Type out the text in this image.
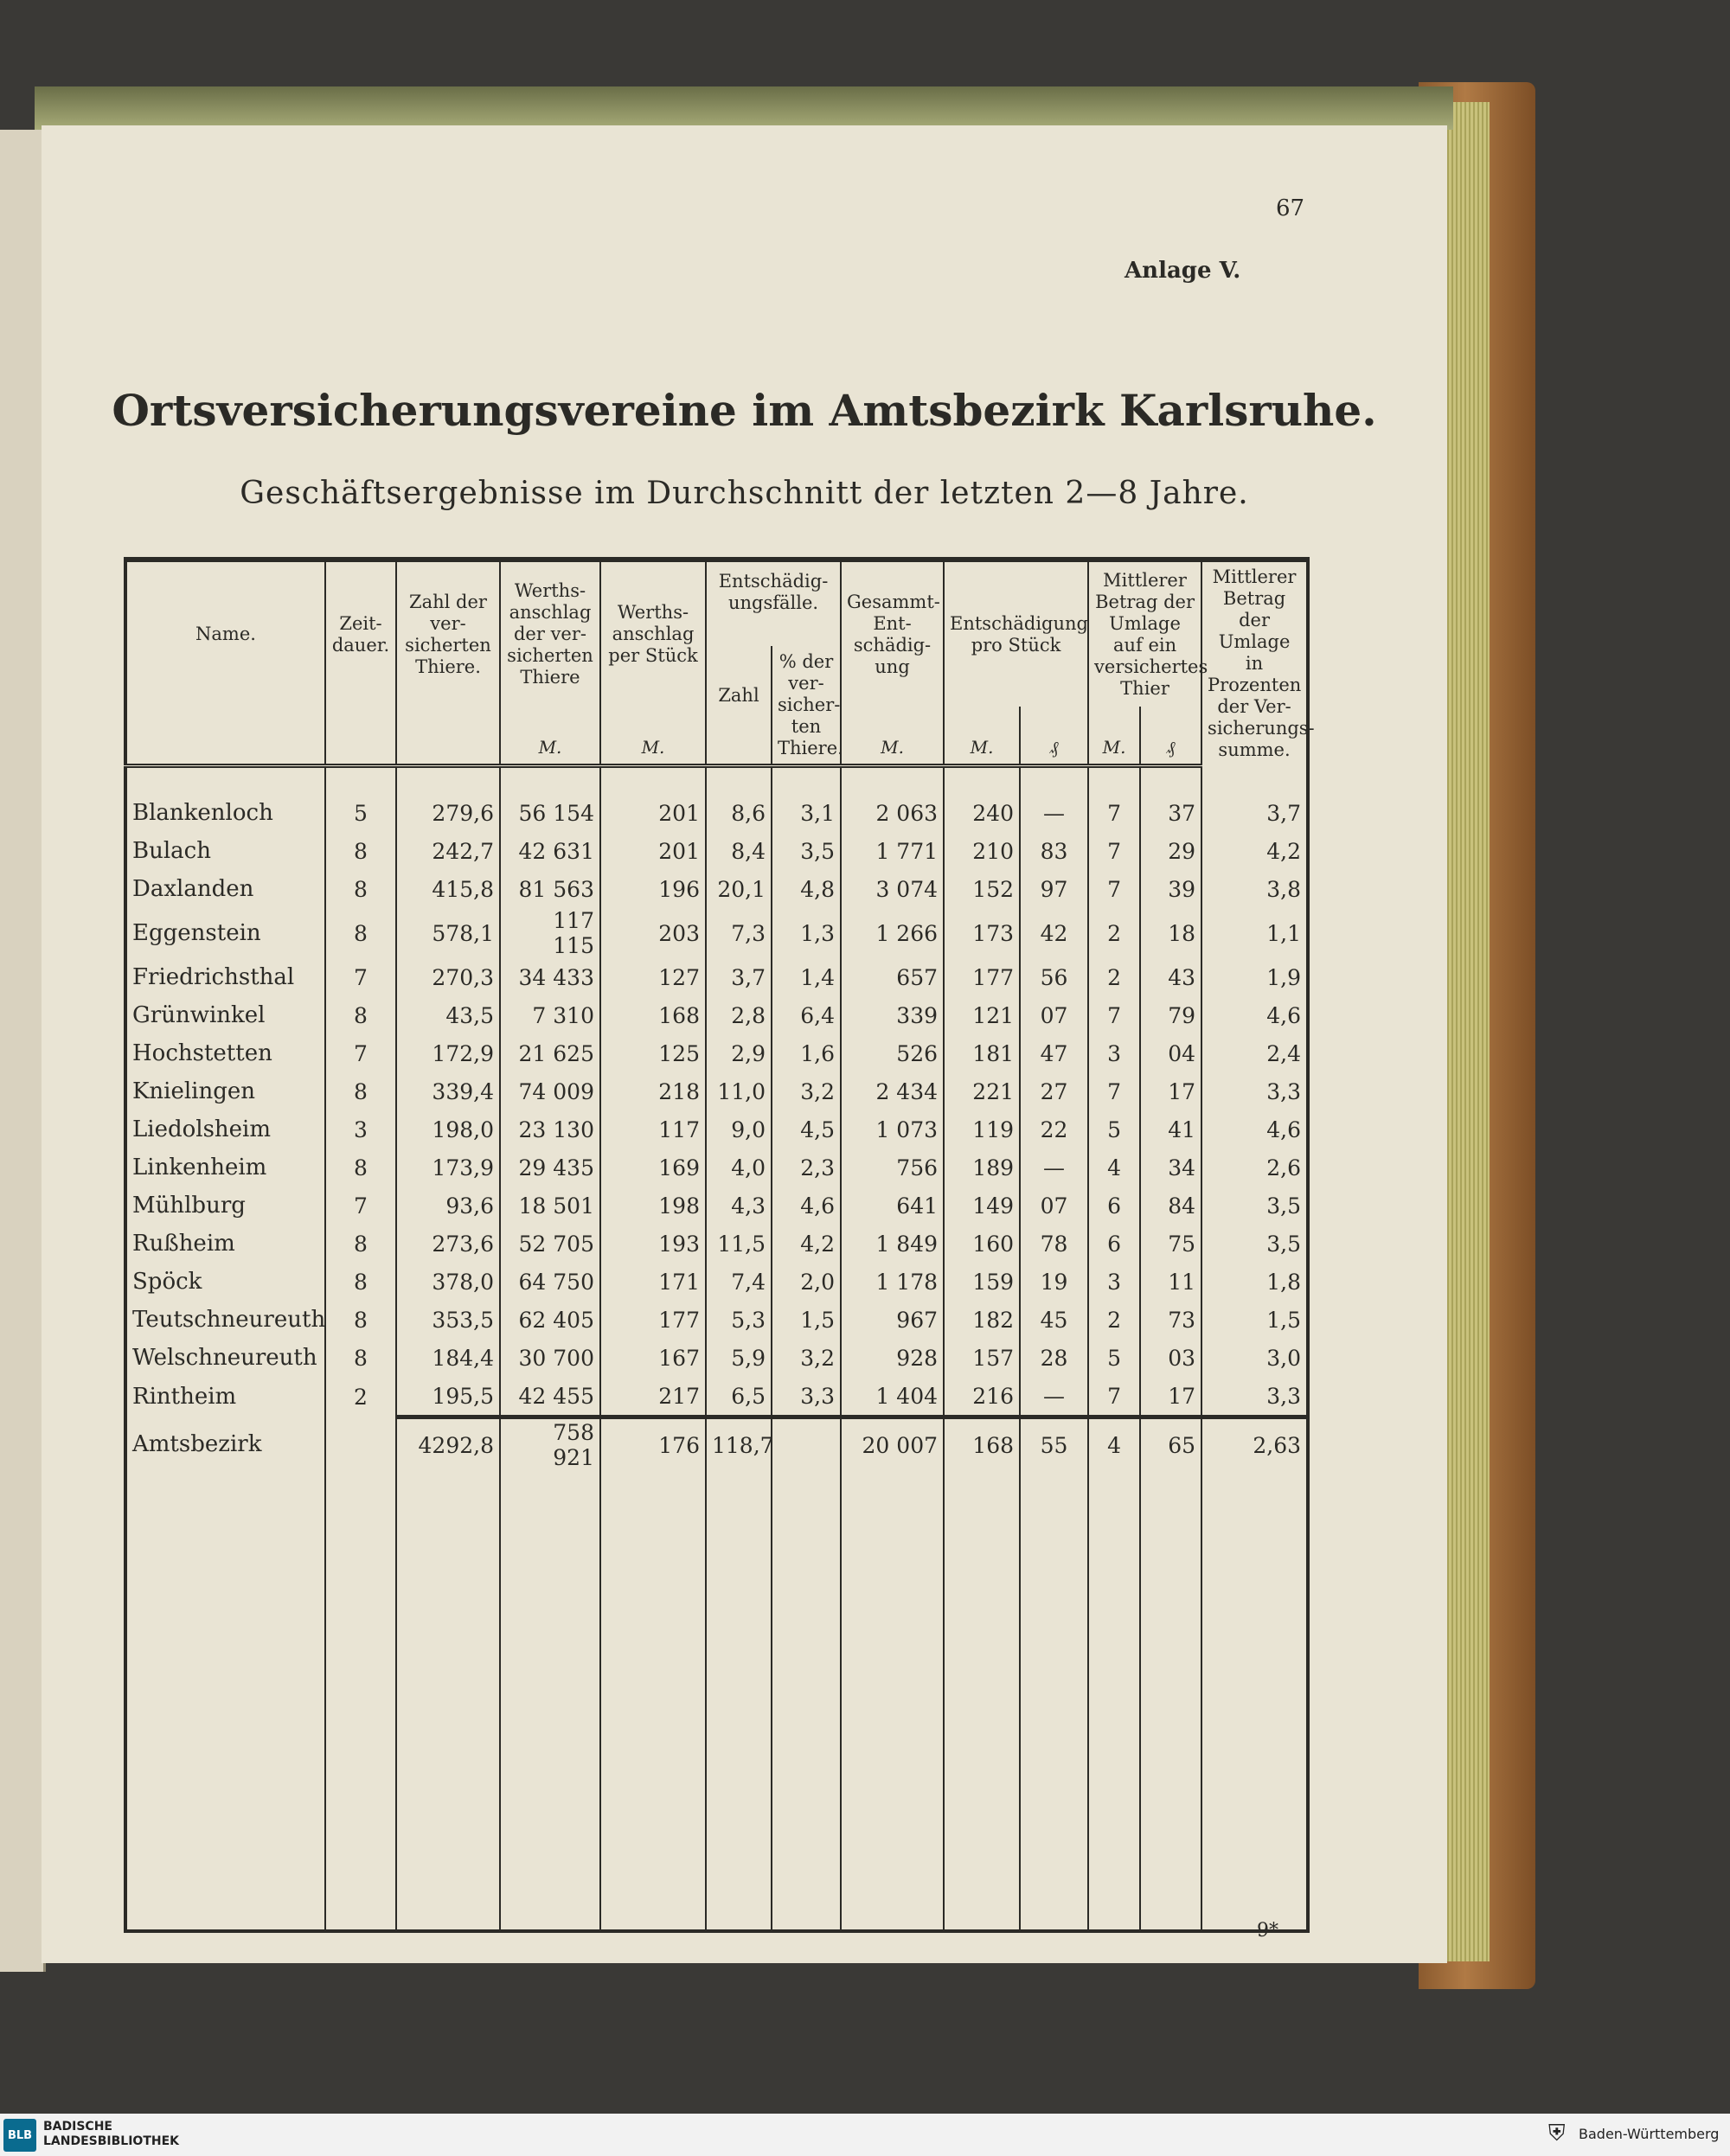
67
Anlage V.
Ortsversicherungsvereine im Amtsbezirk Karlsruhe.
Geschäftsergebnisse im Durchschnitt der letzten 2—8 Jahre.
Name.	Zeit-dauer.	Zahl der ver-sicherten Thiere.	Werths-anschlag der ver-sicherten Thiere	Werths-anschlag per Stück	Entschädig-ungsfälle.		Gesammt-Ent-schädig-ung	Entschädigung pro Stück		Mittlerer Betrag der Umlage auf ein versichertes Thier		Mittlerer Betrag der Umlage in Prozenten der Ver-sicherungs-summe.
					Zahl	% der ver-sicher-ten Thiere.						
			M.	M.			M.	M.	₰	M.	₰	

Blankenloch	5	279,6	56 154	201	8,6	3,1	2 063	240	—	7	37	3,7
Bulach	8	242,7	42 631	201	8,4	3,5	1 771	210	83	7	29	4,2
Daxlanden	8	415,8	81 563	196	20,1	4,8	3 074	152	97	7	39	3,8
Eggenstein	8	578,1	117 115	203	7,3	1,3	1 266	173	42	2	18	1,1
Friedrichsthal	7	270,3	34 433	127	3,7	1,4	657	177	56	2	43	1,9
Grünwinkel	8	43,5	7 310	168	2,8	6,4	339	121	07	7	79	4,6
Hochstetten	7	172,9	21 625	125	2,9	1,6	526	181	47	3	04	2,4
Knielingen	8	339,4	74 009	218	11,0	3,2	2 434	221	27	7	17	3,3
Liedolsheim	3	198,0	23 130	117	9,0	4,5	1 073	119	22	5	41	4,6
Linkenheim	8	173,9	29 435	169	4,0	2,3	756	189	—	4	34	2,6
Mühlburg	7	93,6	18 501	198	4,3	4,6	641	149	07	6	84	3,5
Rußheim	8	273,6	52 705	193	11,5	4,2	1 849	160	78	6	75	3,5
Spöck	8	378,0	64 750	171	7,4	2,0	1 178	159	19	3	11	1,8
Teutschneureuth	8	353,5	62 405	177	5,3	1,5	967	182	45	2	73	1,5
Welschneureuth	8	184,4	30 700	167	5,9	3,2	928	157	28	5	03	3,0
Rintheim	2	195,5	42 455	217	6,5	3,3	1 404	216	—	7	17	3,3
Amtsbezirk		4292,8	758 921	176	118,7		20 007	168	55	4	65	2,63

9*
BLB
BADISCHE
LANDESBIBLIOTHEK	⛨ Baden-Württemberg
